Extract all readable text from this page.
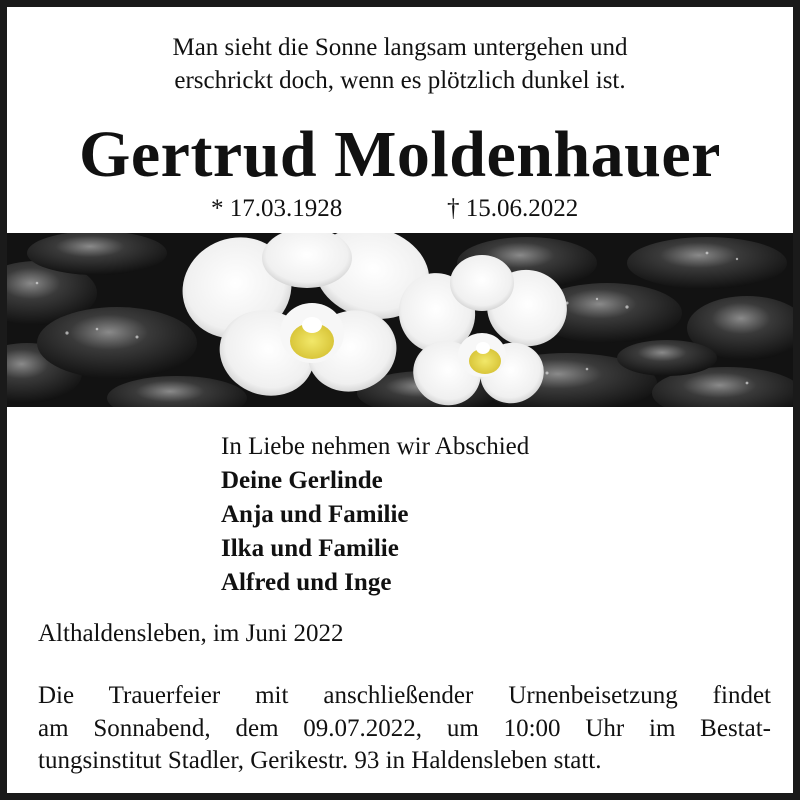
Man sieht die Sonne langsam untergehen und
erschrickt doch, wenn es plötzlich dunkel ist.
Gertrud Moldenhauer
* 17.03.1928	† 15.06.2022
In Liebe nehmen wir Abschied
Deine Gerlinde
Anja und Familie
Ilka und Familie
Alfred und Inge
Althaldensleben, im Juni 2022
Die Trauerfeier mit anschließender Urnenbeisetzung findet
am Sonnabend, dem 09.07.2022, um 10:00 Uhr im Bestat-
tungsinstitut Stadler, Gerikestr. 93 in Haldensleben statt.
